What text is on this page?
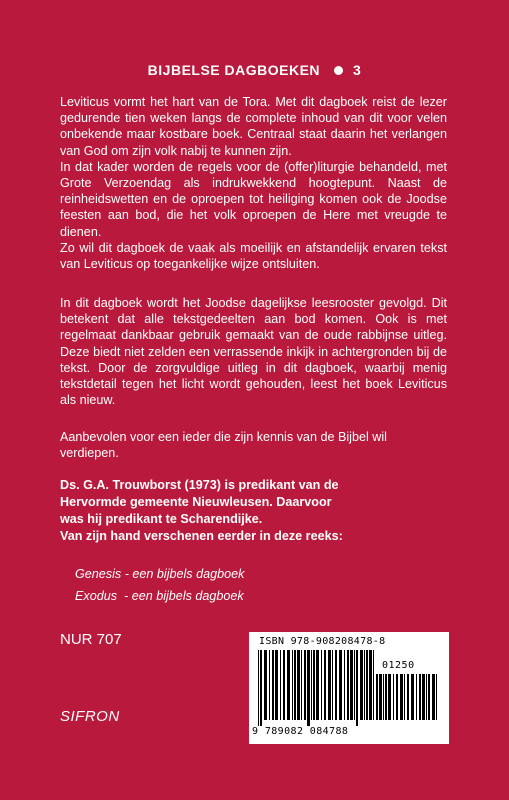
BIJBELSE DAGBOEKEN 3

Leviticus vormt het hart van de Tora. Met dit dagboek reist de lezer gedurende tien weken langs de complete inhoud van dit voor velen onbekende maar kostbare boek. Centraal staat daarin het verlangen van God om zijn volk nabij te kunnen zijn.

In dat kader worden de regels voor de (offer)liturgie behandeld, met Grote Verzoendag als indrukwekkend hoogtepunt. Naast de reinheidswetten en de oproepen tot heiliging komen ook de Joodse feesten aan bod, die het volk oproepen de Here met vreugde te dienen.

Zo wil dit dagboek de vaak als moeilijk en afstandelijk ervaren tekst van Leviticus op toegankelijke wijze ontsluiten.

In dit dagboek wordt het Joodse dagelijkse leesrooster gevolgd. Dit betekent dat alle tekstgedeelten aan bod komen. Ook is met regelmaat dankbaar gebruik gemaakt van de oude rabbijnse uitleg. Deze biedt niet zelden een verrassende inkijk in achtergronden bij de tekst. Door de zorgvuldige uitleg in dit dagboek, waarbij menig tekstdetail tegen het licht wordt gehouden, leest het boek Leviticus als nieuw.

Aanbevolen voor een ieder die zijn kennis van de Bijbel wil verdiepen.

Ds. G.A. Trouwborst (1973) is predikant van de

Hervormde gemeente Nieuwleusen. Daarvoor

was hij predikant te Scharendijke.

Van zijn hand verschenen eerder in deze reeks:

Genesis - een bijbels dagboek
Exodus  - een bijbels dagboek
NUR 707
SIFRON
ISBN 978-908208478-8
01250
9 789082 084788
